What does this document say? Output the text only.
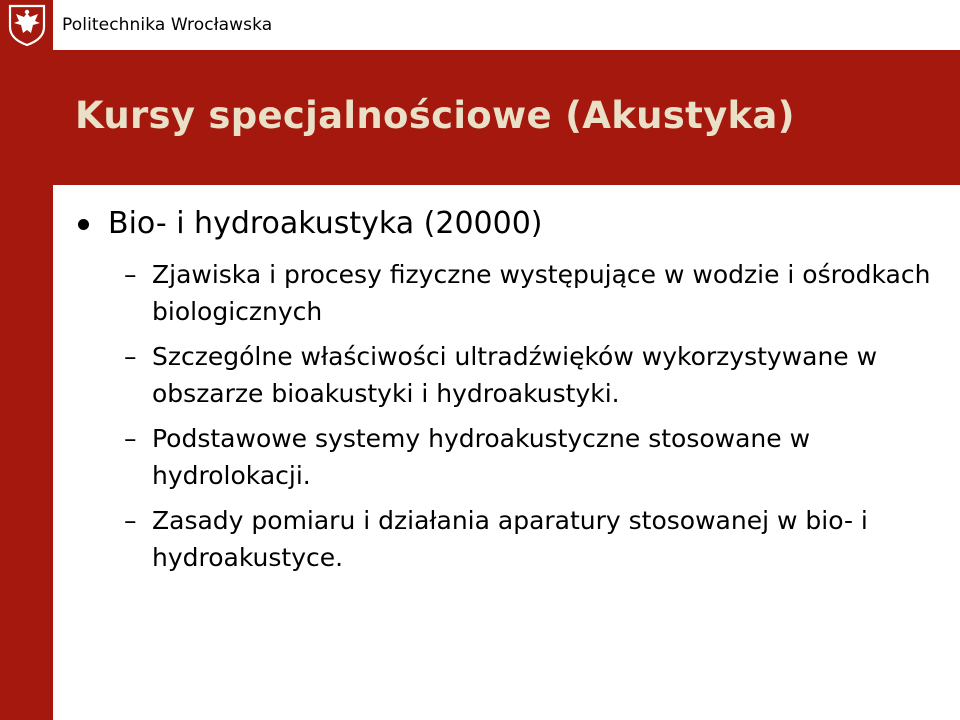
Politechnika Wrocławska
Kursy specjalnościowe (Akustyka)
Bio- i hydroakustyka (20000)
– Zjawiska i procesy fizyczne występujące w wodzie i ośrodkach biologicznych
– Szczególne właściwości ultradźwięków wykorzystywane w obszarze bioakustyki i hydroakustyki.
– Podstawowe systemy hydroakustyczne stosowane w hydrolokacji.
– Zasady pomiaru i działania aparatury stosowanej w bio- i hydroakustyce.
